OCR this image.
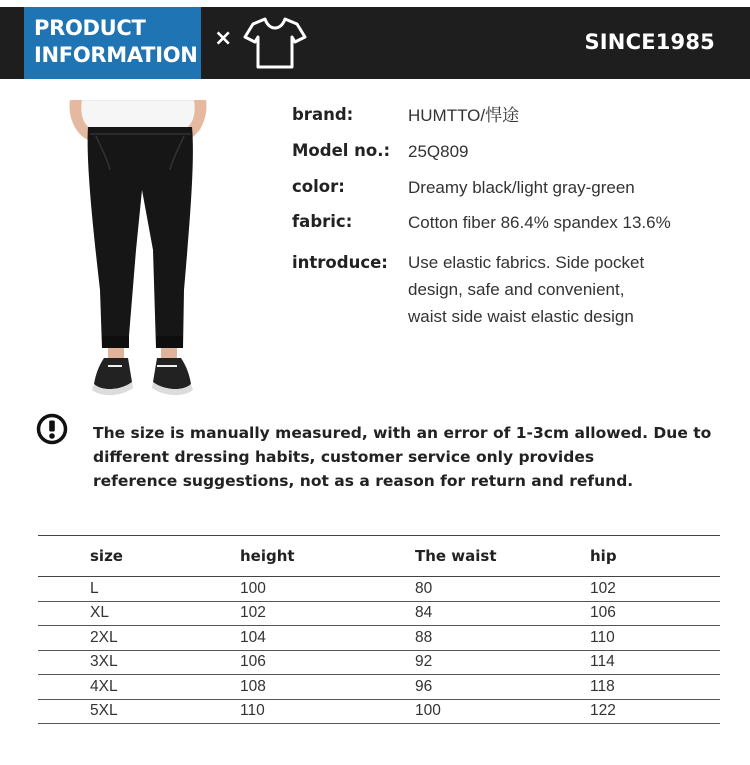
PRODUCT
INFORMATION
×	SINCE1985
brand:	HUMTTO/悍途
Model no.: 25Q809
color:	Dreamy black/light gray-green
fabric:	Cotton fiber 86.4% spandex 13.6%
introduce: Use elastic fabrics. Side pocket
design, safe and convenient,
waist side waist elastic design
The size is manually measured, with an error of 1-3cm allowed. Due to
different dressing habits, customer service only provides
reference suggestions, not as a reason for return and refund.
size	height	The waist	hip
L	100	80	102
XL	102	84	106
2XL	104	88	110
3XL	106	92	114
4XL	108	96	118
5XL	110	100	122
